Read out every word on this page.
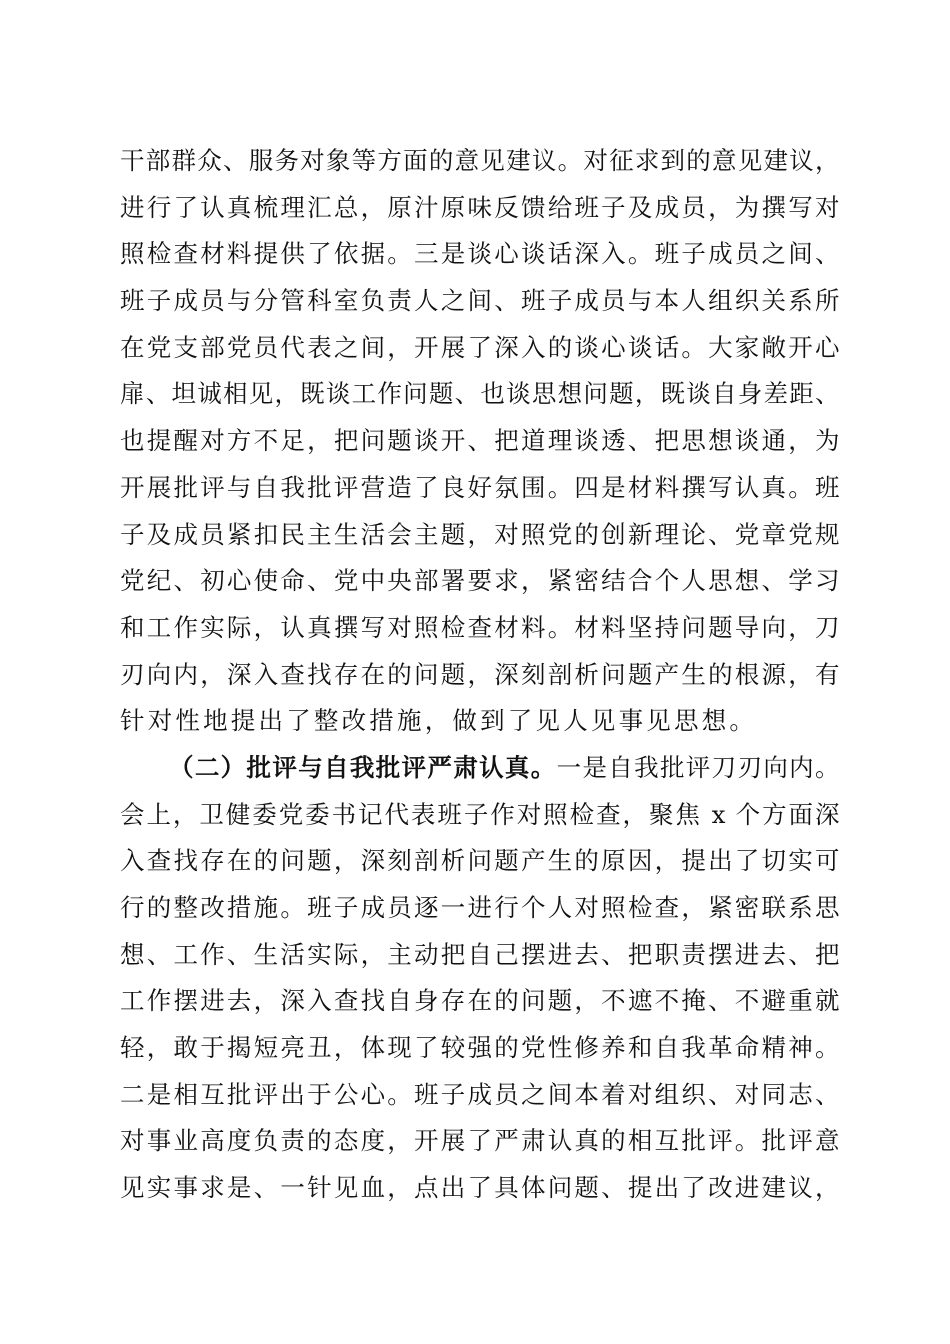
干部群众、服务对象等方面的意见建议。对征求到的意见建议，
进行了认真梳理汇总，原汁原味反馈给班子及成员，为撰写对
照检查材料提供了依据。三是谈心谈话深入。班子成员之间、
班子成员与分管科室负责人之间、班子成员与本人组织关系所
在党支部党员代表之间，开展了深入的谈心谈话。大家敞开心
扉、坦诚相见，既谈工作问题、也谈思想问题，既谈自身差距、
也提醒对方不足，把问题谈开、把道理谈透、把思想谈通，为
开展批评与自我批评营造了良好氛围。四是材料撰写认真。班
子及成员紧扣民主生活会主题，对照党的创新理论、党章党规
党纪、初心使命、党中央部署要求，紧密结合个人思想、学习
和工作实际，认真撰写对照检查材料。材料坚持问题导向，刀
刃向内，深入查找存在的问题，深刻剖析问题产生的根源，有
针对性地提出了整改措施，做到了见人见事见思想。
（二）批评与自我批评严肃认真。一是自我批评刀刃向内。
会上，卫健委党委书记代表班子作对照检查，聚焦 x 个方面深
入查找存在的问题，深刻剖析问题产生的原因，提出了切实可
行的整改措施。班子成员逐一进行个人对照检查，紧密联系思
想、工作、生活实际，主动把自己摆进去、把职责摆进去、把
工作摆进去，深入查找自身存在的问题，不遮不掩、不避重就
轻，敢于揭短亮丑，体现了较强的党性修养和自我革命精神。
二是相互批评出于公心。班子成员之间本着对组织、对同志、
对事业高度负责的态度，开展了严肃认真的相互批评。批评意
见实事求是、一针见血，点出了具体问题、提出了改进建议，
